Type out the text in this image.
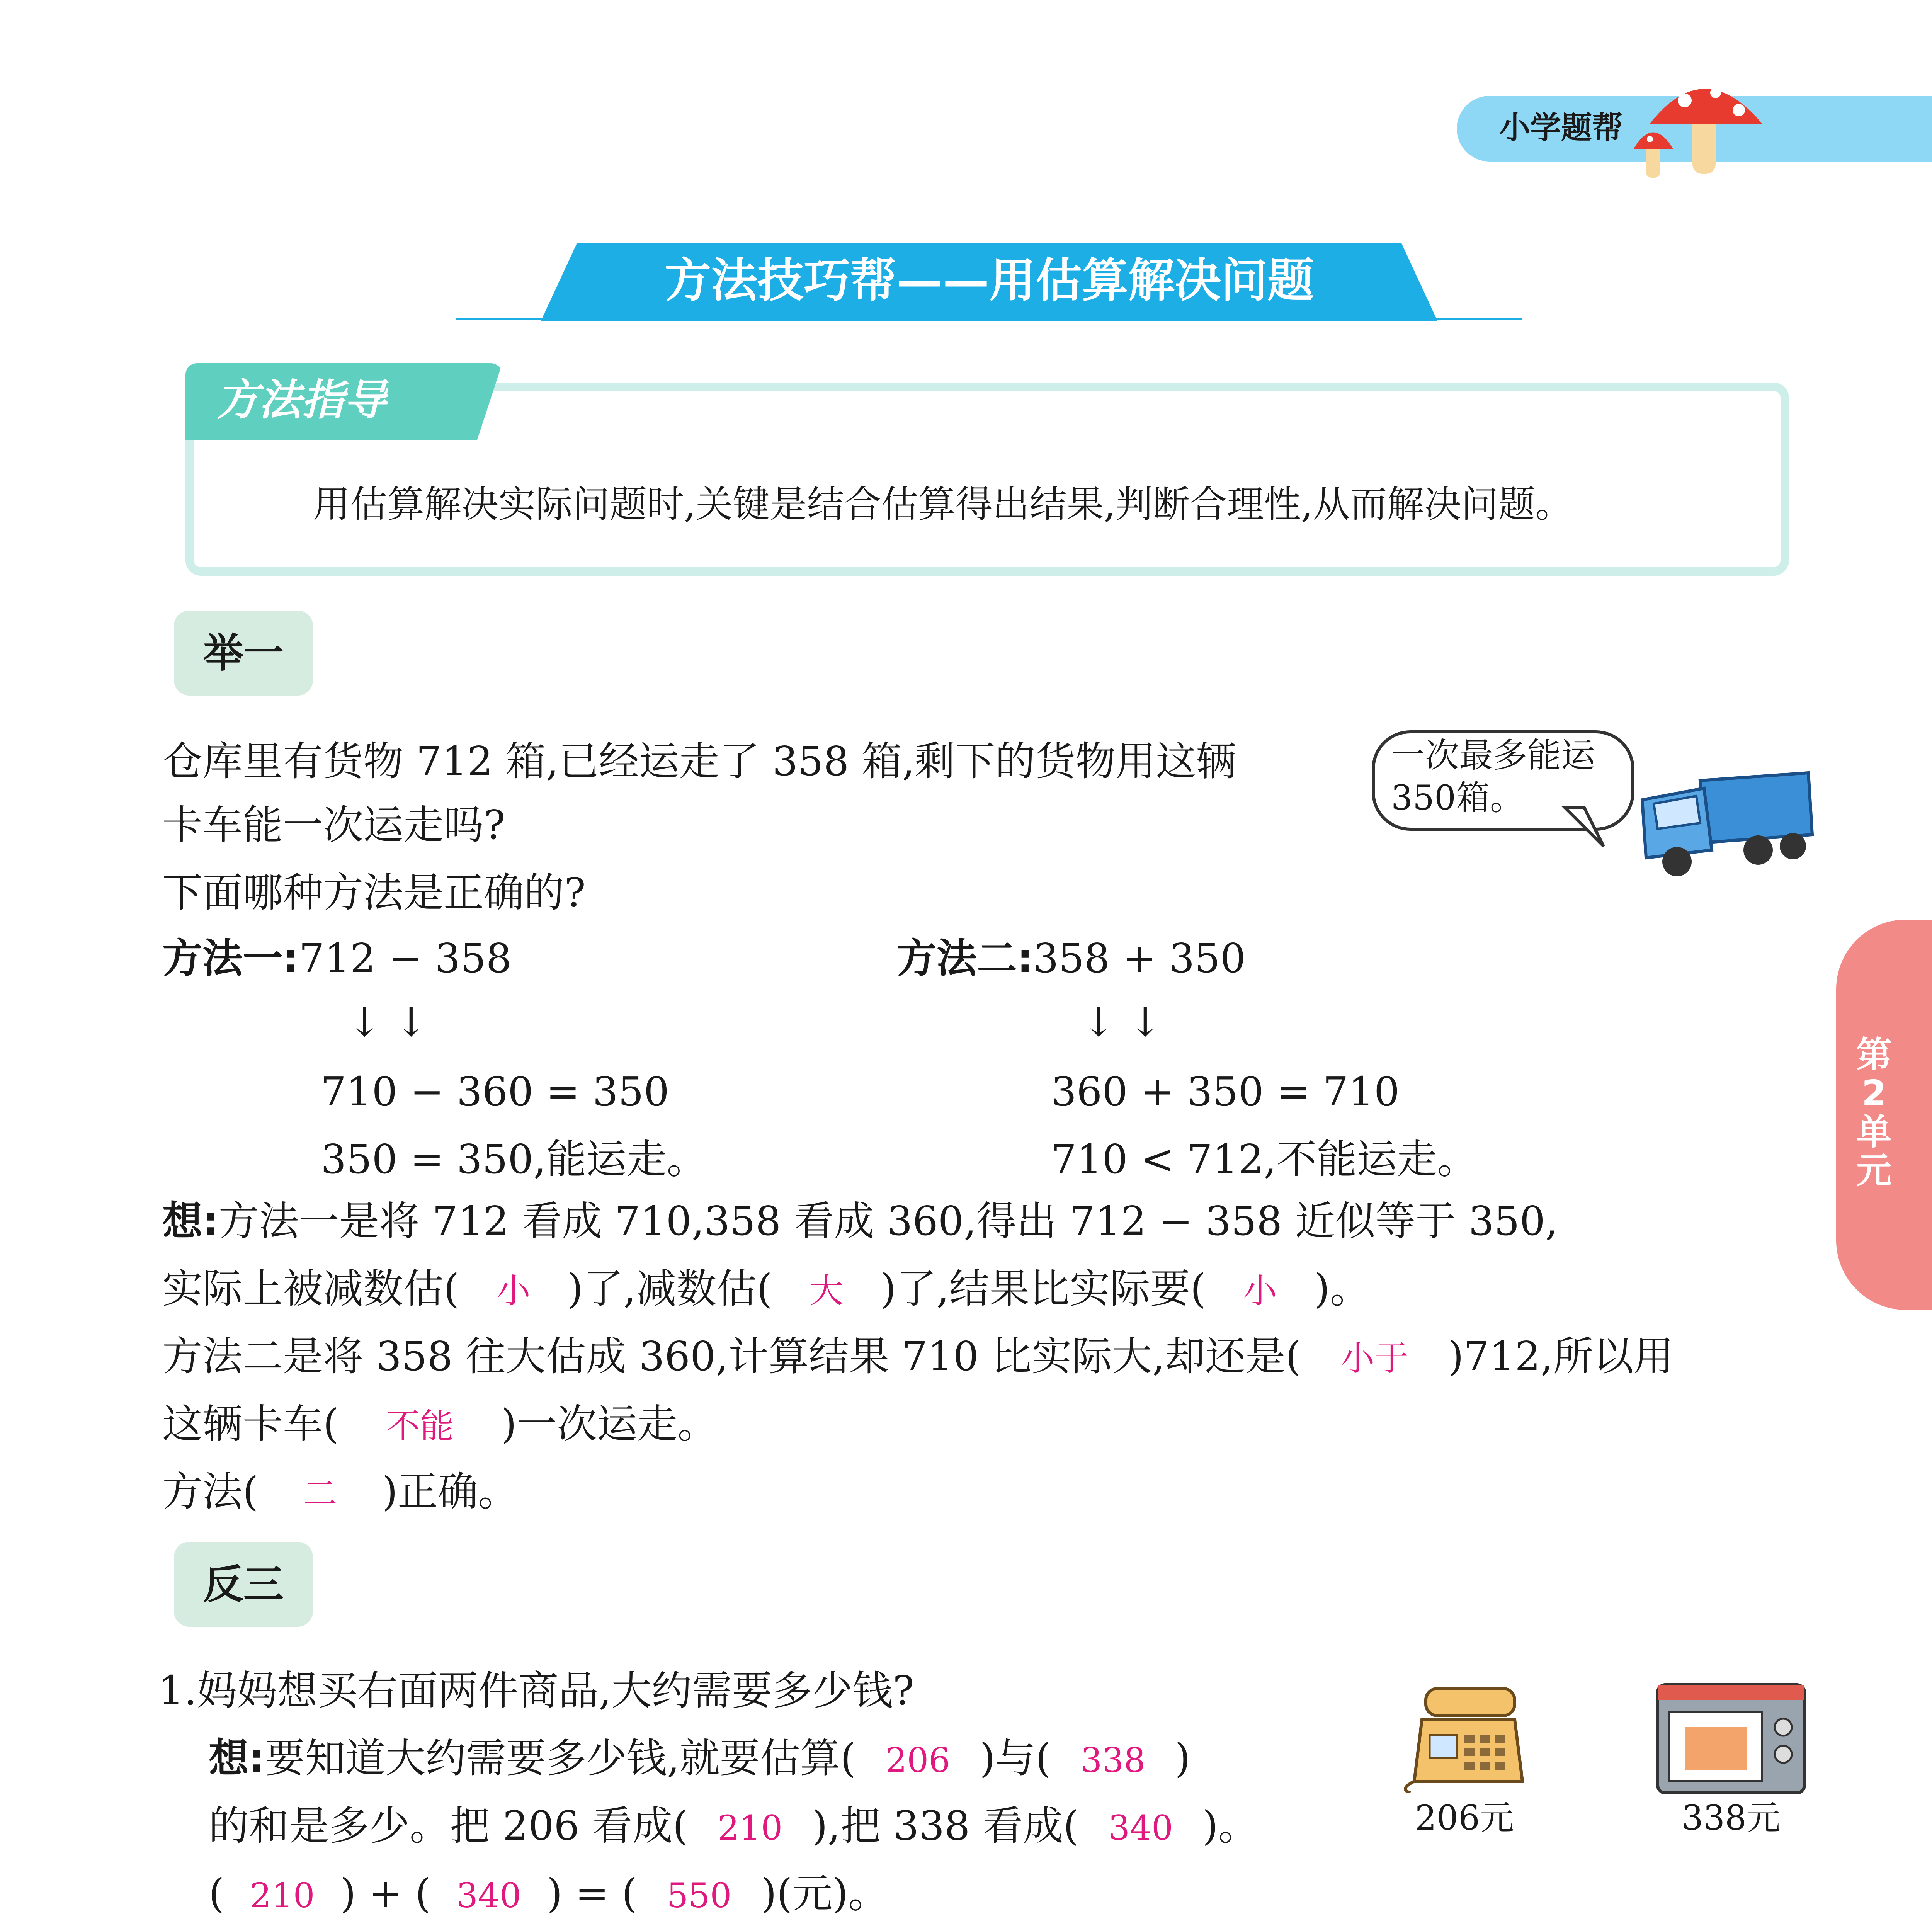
小学题帮
方法技巧帮——用估算解决问题
方法指导
用估算解决实际问题时,关键是结合估算得出结果,判断合理性,从而解决问题。
第2单元
举一
仓库里有货物 712 箱,已经运走了 358 箱,剩下的货物用这辆
卡车能一次运走吗?
下面哪种方法是正确的?
一次最多能运350箱。
方法一:712 − 358
↓ ↓
710 − 360 = 350
350 = 350,能运走。
方法二:358 + 350
↓ ↓
360 + 350 = 710
710 < 712,不能运走。
想:方法一是将 712 看成 710,358 看成 360,得出 712 − 358 近似等于 350,
实际上被减数估( 小 )了,减数估( 大 )了,结果比实际要( 小 )。
方法二是将 358 往大估成 360,计算结果 710 比实际大,却还是( 小于 )712,所以用
这辆卡车( 不能 )一次运走。
方法( 二 )正确。
反三
1.妈妈想买右面两件商品,大约需要多少钱?
想:要知道大约需要多少钱,就要估算( 206 )与( 338 )
的和是多少。把 206 看成( 210 ),把 338 看成( 340 )。
( 210 ) + ( 340 ) = ( 550 )(元)。
206元	338元
